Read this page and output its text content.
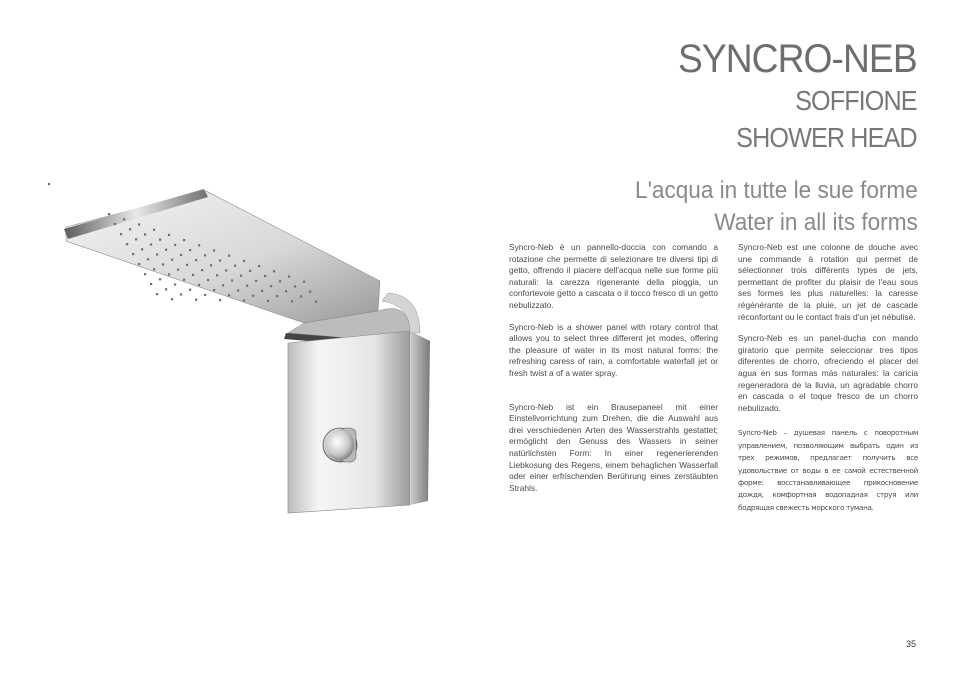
SYNCRO-NEB
SOFFIONE
SHOWER HEAD
L'acqua in tutte le sue forme
Water in all its forms

Syncro-Neb è un pannello-doccia con comando a rotazione che permette di selezionare tre diversi tipi di getto, offrendo il piacere dell'acqua nelle sue forme più naturali: la carezza rigenerante della pioggia, un confortevole getto a cascata o il tocco fresco di un getto nebulizzato.

Syncro-Neb is a shower panel with rotary control that allows you to select three different jet modes, offering the pleasure of water in its most natural forms: the refreshing caress of rain, a comfortable waterfall jet or fresh twist a of a water spray.

Syncro-Neb ist ein Brausepaneel mit einer Einstellvorrichtung zum Drehen, die die Auswahl aus drei verschiedenen Arten des Wasserstrahls gestattet; ermöglicht den Genuss des Wassers in seiner natürlichsten Form: In einer regenerierenden Liebkosung des Regens, einem behaglichen Wasserfall oder einer erfrischenden Berührung eines zerstäubten Strahls.

Syncro-Neb est une colonne de douche avec une commande à rotation qui permet de sélectionner trois différents types de jets, permettant de profiter du plaisir de l'eau sous ses formes les plus naturelles: la caresse régénérante de la pluie, un jet de cascade réconfortant ou le contact frais d'un jet nébulisé.

Syncro-Neb es un panel-ducha con mando giratorio que permite seleccionar tres tipos diferentes de chorro, ofreciendo el placer del agua en sus formas más naturales: la caricia regeneradora de la lluvia, un agradable chorro en cascada o el toque fresco de un chorro nebulizado.

Syncro-Neb – душевая панель с поворотным управлением, позволяющим выбрать один из трех режимов, предлагает получить все удовольствие от воды в ее самой естественной форме: восстанавливающее прикосновение дождя, комфортная водопадная струя или бодрящая свежесть морского тумана.

35
